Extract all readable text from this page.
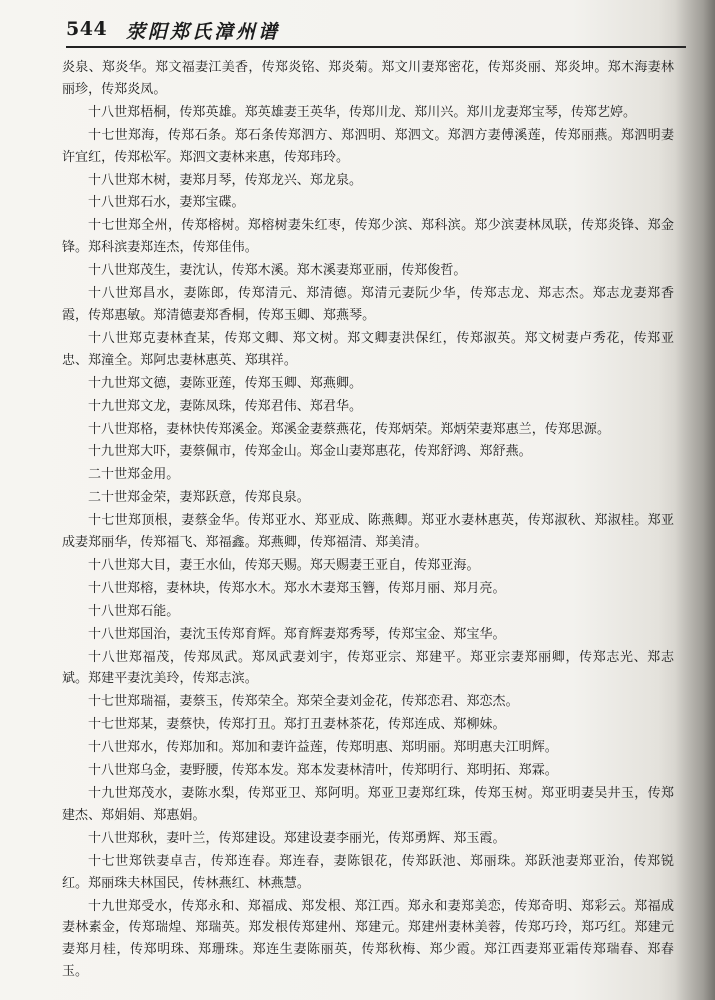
544 荥阳郑氏漳州谱

炎泉、郑炎华。郑文福妻江美香，传郑炎铭、郑炎菊。郑文川妻郑密花，传郑炎丽、郑炎坤。郑木海妻林丽珍，传郑炎凤。

十八世郑梧桐，传郑英雄。郑英雄妻王英华，传郑川龙、郑川兴。郑川龙妻郑宝琴，传郑艺婷。

十七世郑海，传郑石条。郑石条传郑泗方、郑泗明、郑泗文。郑泗方妻傅溪莲，传郑丽燕。郑泗明妻许宜红，传郑松军。郑泗文妻林来惠，传郑玮玲。

十八世郑木树，妻郑月琴，传郑龙兴、郑龙泉。

十八世郑石水，妻郑宝碟。

十七世郑全州，传郑榕树。郑榕树妻朱红枣，传郑少滨、郑科滨。郑少滨妻林凤联，传郑炎锋、郑金锋。郑科滨妻郑连杰，传郑佳伟。

十八世郑茂生，妻沈认，传郑木溪。郑木溪妻郑亚丽，传郑俊哲。

十八世郑昌水，妻陈郎，传郑清元、郑清德。郑清元妻阮少华，传郑志龙、郑志杰。郑志龙妻郑香霞，传郑惠敏。郑清德妻郑香桐，传郑玉卿、郑燕琴。

十八世郑克妻林査某，传郑文卿、郑文树。郑文卿妻洪保红，传郑淑英。郑文树妻卢秀花，传郑亚忠、郑潼全。郑阿忠妻林惠英、郑琪祥。

十九世郑文德，妻陈亚莲，传郑玉卿、郑燕卿。

十九世郑文龙，妻陈凤珠，传郑君伟、郑君华。

十八世郑格，妻林快传郑溪金。郑溪金妻蔡燕花，传郑炳荣。郑炳荣妻郑惠兰，传郑思源。

十九世郑大吓，妻蔡佩市，传郑金山。郑金山妻郑惠花，传郑舒鸿、郑舒燕。

二十世郑金用。

二十世郑金荣，妻郑跃意，传郑良泉。

十七世郑顶根，妻蔡金华。传郑亚水、郑亚成、陈燕卿。郑亚水妻林惠英，传郑淑秋、郑淑桂。郑亚成妻郑丽华，传郑福飞、郑福鑫。郑燕卿，传郑福清、郑美清。

十八世郑大目，妻王水仙，传郑天赐。郑天赐妻王亚自，传郑亚海。

十八世郑榕，妻林块，传郑水木。郑水木妻郑玉簪，传郑月丽、郑月亮。

十八世郑石能。

十八世郑国治，妻沈玉传郑育辉。郑育辉妻郑秀琴，传郑宝金、郑宝华。

十八世郑福茂，传郑凤武。郑凤武妻刘宇，传郑亚宗、郑建平。郑亚宗妻郑丽卿，传郑志光、郑志斌。郑建平妻沈美玲，传郑志滨。

十七世郑瑞福，妻蔡玉，传郑荣全。郑荣全妻刘金花，传郑恋君、郑恋杰。

十七世郑某，妻蔡快，传郑打丑。郑打丑妻林茶花，传郑连成、郑柳妹。

十八世郑水，传郑加和。郑加和妻许益莲，传郑明惠、郑明丽。郑明惠夫江明辉。

十八世郑乌金，妻野腰，传郑本发。郑本发妻林清叶，传郑明行、郑明拓、郑霖。

十九世郑茂水，妻陈水梨，传郑亚卫、郑阿明。郑亚卫妻郑红珠，传郑玉树。郑亚明妻吴井玉，传郑建杰、郑娟娟、郑惠娟。

十八世郑秋，妻叶兰，传郑建设。郑建设妻李丽光，传郑勇辉、郑玉霞。

十七世郑铁妻卓吉，传郑连春。郑连春，妻陈银花，传郑跃池、郑丽珠。郑跃池妻郑亚治，传郑锐红。郑丽珠夫林国民，传林燕红、林燕慧。

十九世郑受水，传郑永和、郑福成、郑发根、郑江西。郑永和妻郑美恋，传郑奇明、郑彩云。郑福成妻林素金，传郑瑞煌、郑瑞英。郑发根传郑建州、郑建元。郑建州妻林美蓉，传郑巧玲，郑巧红。郑建元妻郑月桂，传郑明珠、郑珊珠。郑连生妻陈丽英，传郑秋梅、郑少霞。郑江西妻郑亚霜传郑瑞春、郑春玉。
